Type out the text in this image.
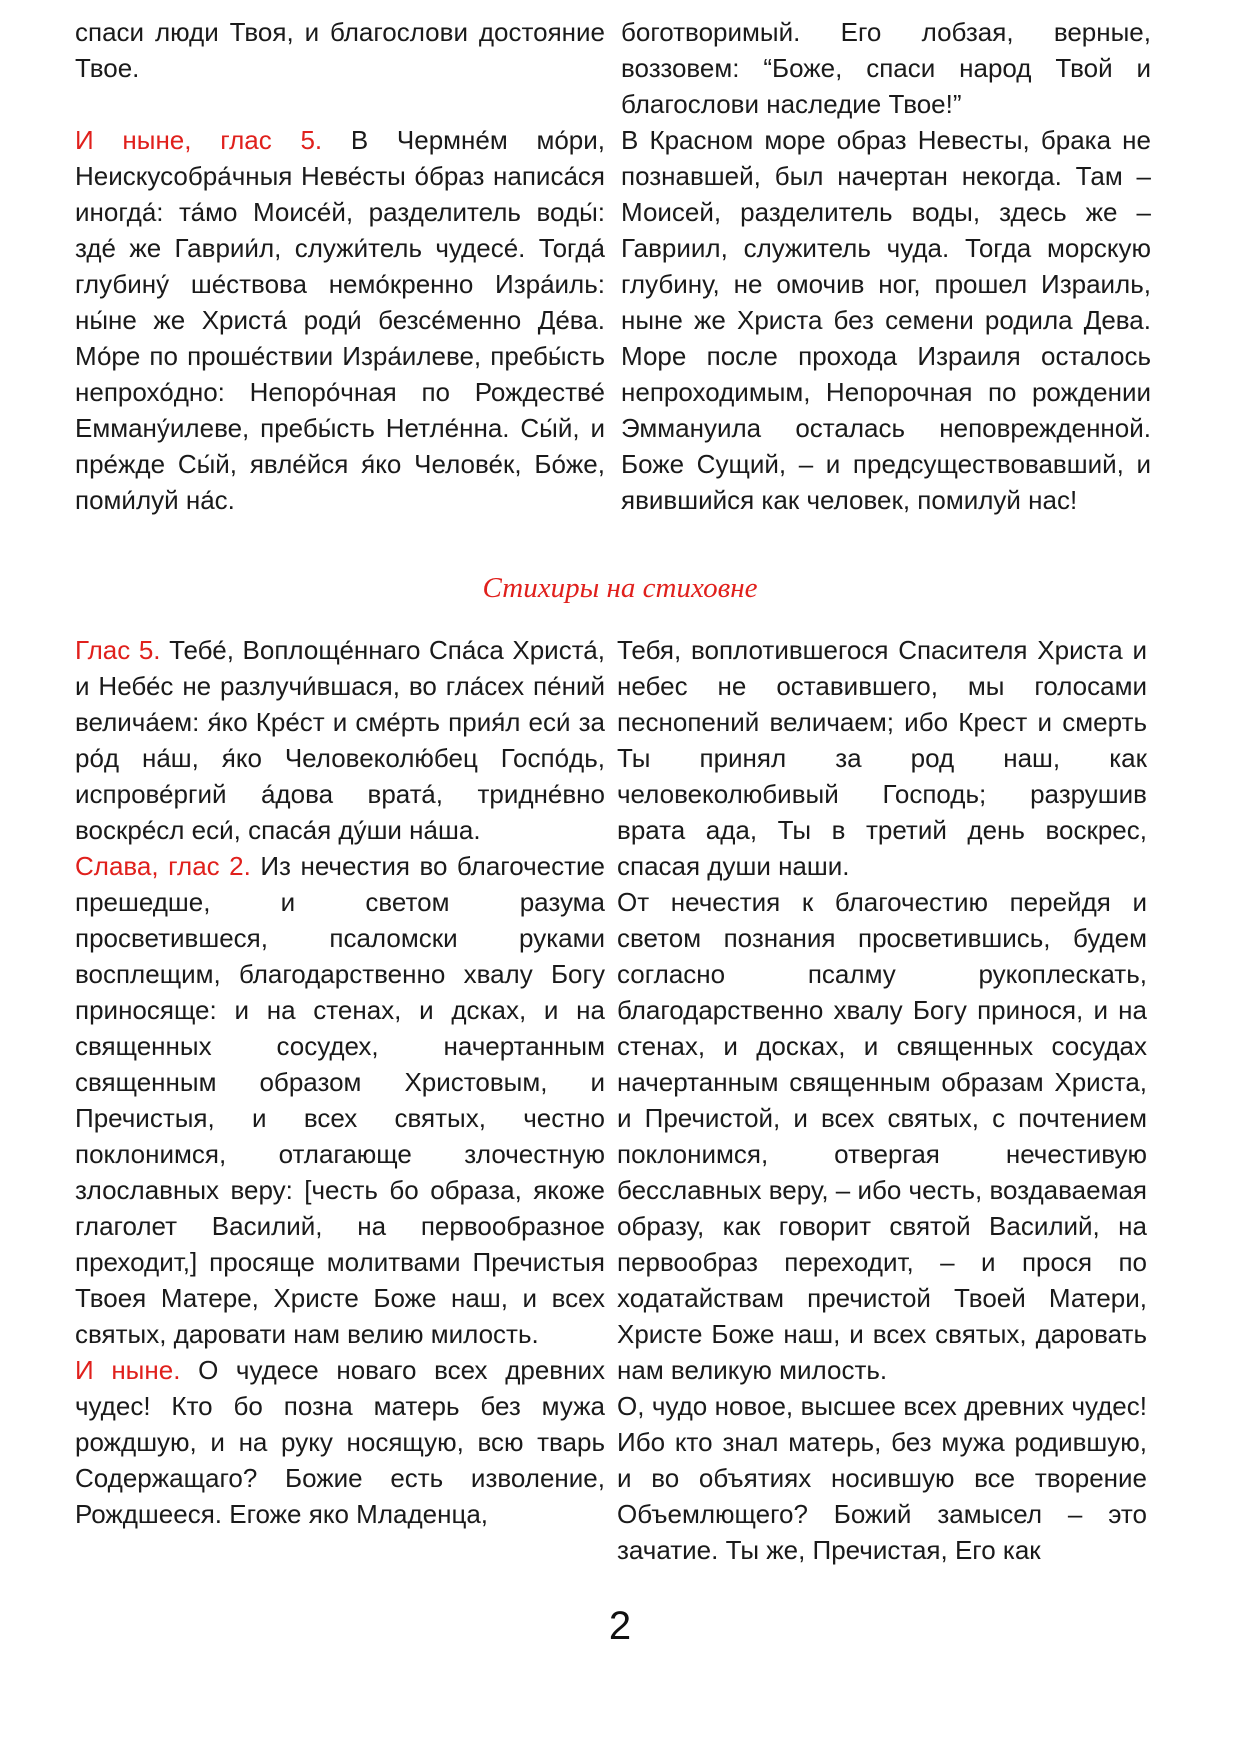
спаси люди Твоя, и благослови достояние Твое.

И ныне, глас 5. В Чермне́м мо́ри, Неискусобра́чныя Неве́сты о́браз написа́ся иногда́: та́мо Моисе́й, разделитель воды́: зде́ же Гаврии́л, служи́тель чудесе́. Тогда́ глубину́ ше́ствова немо́кренно Изра́иль: ны́не же Христа́ роди́ безсе́менно Де́ва. Мо́ре по проше́ствии Изра́илеве, пребы́сть непрохо́дно: Непоро́чная по Рождестве́ Емману́илеве, пребы́сть Нетле́нна. Сы́й, и пре́жде Сы́й, явле́йся я́ко Челове́к, Бо́же, поми́луй на́с.

боготворимый. Его лобзая, верные, воззовем: “Боже, спаси народ Твой и благослови наследие Твое!”

В Красном море образ Невесты, брака не познавшей, был начертан некогда. Там – Моисей, разделитель воды, здесь же – Гавриил, служитель чуда. Тогда морскую глубину, не омочив ног, прошел Израиль, ныне же Христа без семени родила Дева. Море после прохода Израиля осталось непроходимым, Непорочная по рождении Эммануила осталась неповрежденной. Боже Сущий, – и предсуществовавший, и явившийся как человек, помилуй нас!

Стихиры на стиховне

Глас 5. Тебе́, Воплоще́ннаго Спа́са Христа́, и Небе́с не разлучи́вшася, во гла́сех пе́ний велича́ем: я́ко Кре́ст и сме́рть прия́л еси́ за ро́д на́ш, я́ко Человеколю́бец Госпо́дь, испрове́ргий а́дова врата́, тридне́вно воскре́сл еси́, спаса́я ду́ши на́ша.

Слава, глас 2. Из нечестия во благочестие прешедше, и светом разума просветившеся, псаломски руками восплещим, благодарственно хвалу Богу приносяще: и на стенах, и дсках, и на священных сосудех, начертанным священным образом Христовым, и Пречистыя, и всех святых, честно поклонимся, отлагающе злочестную злославных веру: [честь бо образа, якоже глаголет Василий, на первообразное преходит,] просяще молитвами Пречистыя Твоея Матере, Христе Боже наш, и всех святых, даровати нам велию милость.

И ныне. О чудесе новаго всех древних чудес! Кто бо позна матерь без мужа рождшую, и на руку носящую, всю тварь Содержащаго? Божие есть изволение, Рождшееся. Егоже яко Младенца,

Тебя, воплотившегося Спасителя Христа и небес не оставившего, мы голосами песнопений величаем; ибо Крест и смерть Ты принял за род наш, как человеколюбивый Господь; разрушив врата ада, Ты в третий день воскрес, спасая души наши.

От нечестия к благочестию перейдя и светом познания просветившись, будем согласно псалму рукоплескать, благодарственно хвалу Богу принося, и на стенах, и досках, и священных сосудах начертанным священным образам Христа, и Пречистой, и всех святых, с почтением поклонимся, отвергая нечестивую бесславных веру, – ибо честь, воздаваемая образу, как говорит святой Василий, на первообраз переходит, – и прося по ходатайствам пречистой Твоей Матери, Христе Боже наш, и всех святых, даровать нам великую милость.

О, чудо новое, высшее всех древних чудес! Ибо кто знал матерь, без мужа родившую, и во объятиях носившую все творение Объемлющего? Божий замысел – это зачатие. Ты же, Пречистая, Его как

2
